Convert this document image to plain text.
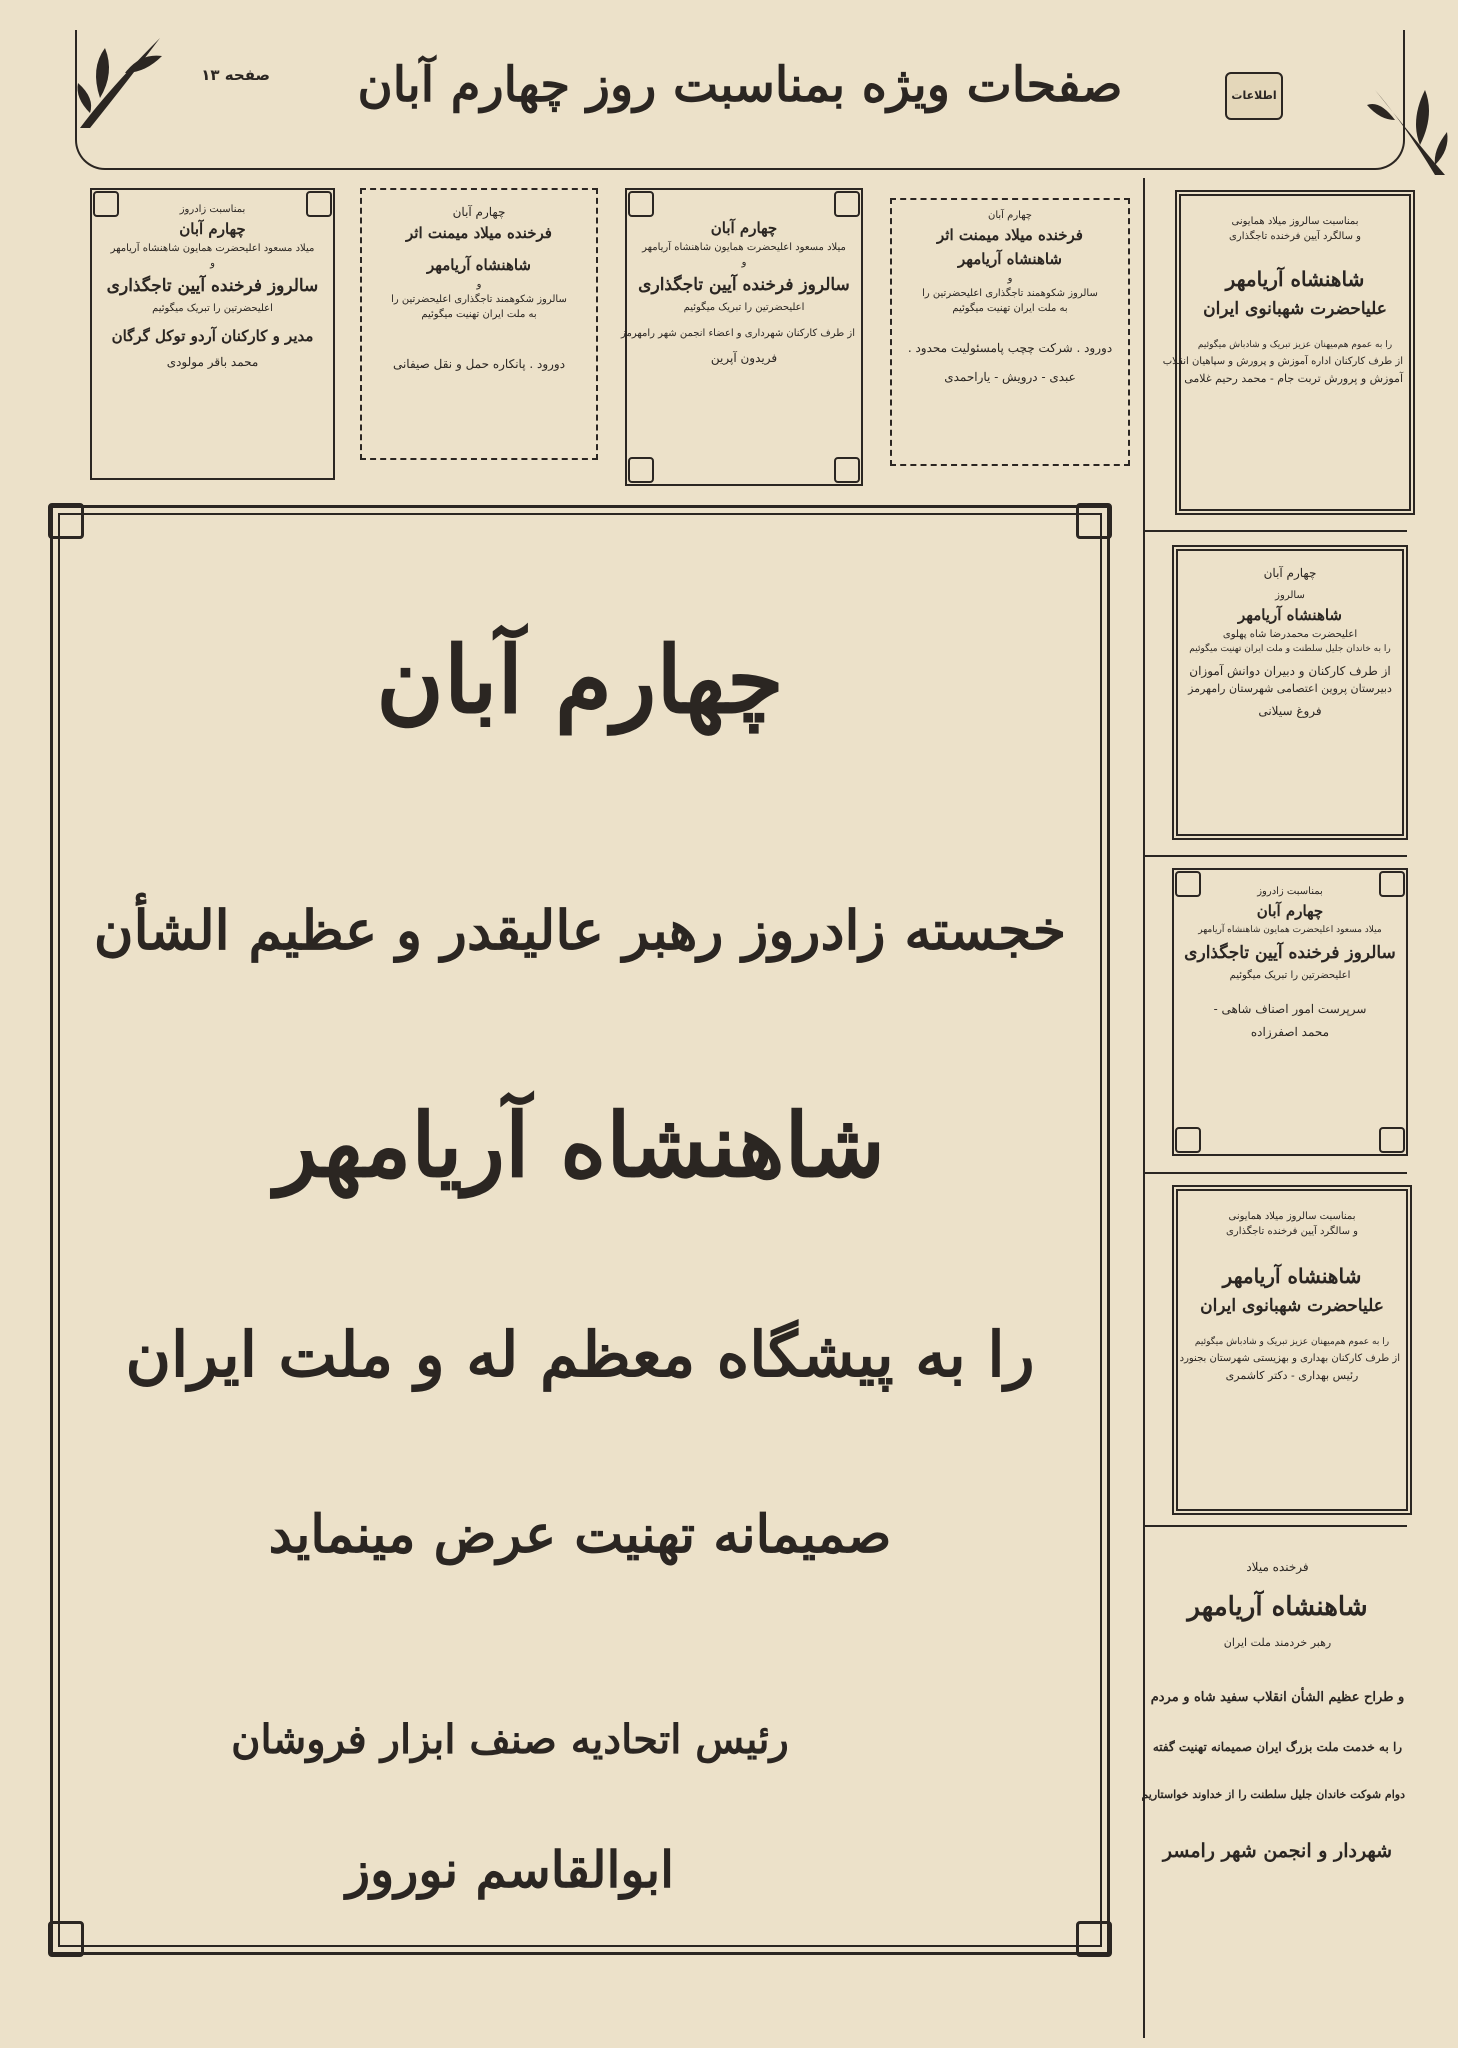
صفحات ویژه بمناسبت روز چهارم آبان
صفحه ۱۳
اطلاعات
چهارم آبان
فرخنده میلاد میمنت اثر
شاهنشاه آریامهر
و
سالروز شکوهمند تاجگذاری اعلیحضرتین را
به ملت ایران تهنیت میگوئیم
دورود . شرکت چچب پامسئولیت محدود .
عبدی - درویش - یاراحمدی
چهارم آبان
میلاد مسعود اعلیحضرت همایون شاهنشاه آریامهر
و
سالروز فرخنده آیین تاجگذاری
اعلیحضرتین را تبریک میگوئیم
از طرف کارکنان شهرداری و اعضاء انجمن شهر رامهرمز
فریدون آپرین
چهارم آبان
فرخنده میلاد میمنت اثر
شاهنشاه آریامهر
و
سالروز شکوهمند تاجگذاری اعلیحضرتین را
به ملت ایران تهنیت میگوئیم
دورود . پانکاره حمل و نقل صیفانی
بمناسبت زادروز
چهارم آبان
میلاد مسعود اعلیحضرت همایون شاهنشاه آریامهر
و
سالروز فرخنده آیین تاجگذاری
اعلیحضرتین را تبریک میگوئیم
مدیر و کارکنان آردو توکل گرگان
محمد باقر مولودی
بمناسبت سالروز میلاد همایونی
و سالگرد آیین فرخنده تاجگذاری
شاهنشاه آریامهر
علیاحضرت شهبانوی ایران
را به عموم هم‌میهنان عزیز تبریک و شادباش میگوئیم
از طرف کارکنان اداره آموزش و پرورش و سپاهیان انقلاب
آموزش و پرورش تربت جام - محمد رحیم غلامی
چهارم آبان
سالروز
شاهنشاه آریامهر
اعلیحضرت محمدرضا شاه پهلوی
را به خاندان جلیل سلطنت و ملت ایران تهنیت میگوئیم
از طرف کارکنان و دبیران دوانش آموزان
دبیرستان پروین اعتصامی شهرستان رامهرمز
فروغ سیلانی
بمناسبت زادروز
چهارم آبان
میلاد مسعود اعلیحضرت همایون شاهنشاه آریامهر
سالروز فرخنده آیین تاجگذاری
اعلیحضرتین را تبریک میگوئیم
سرپرست امور اصناف شاهی -
محمد اصفرزاده
بمناسبت سالروز میلاد همایونی
و سالگرد آیین فرخنده تاجگذاری
شاهنشاه آریامهر
علیاحضرت شهبانوی ایران
را به عموم هم‌میهنان عزیز تبریک و شادباش میگوئیم
از طرف کارکنان بهداری و بهزیستی شهرستان بجنورد
رئیس بهداری - دکتر کاشمری
فرخنده میلاد
شاهنشاه آریامهر
رهبر خردمند ملت ایران
و طراح عظیم الشأن انقلاب سفید شاه و مردم
را به خدمت ملت بزرگ ایران صمیمانه تهنیت گفته
دوام شوکت خاندان جلیل سلطنت را از خداوند خواستاریم
شهردار و انجمن شهر رامسر
چهارم آبان
خجسته زادروز رهبر عالیقدر و عظیم الشأن
شاهنشاه آریامهر
را به پیشگاه معظم له و ملت ایران
صمیمانه تهنیت عرض مینماید
رئیس اتحادیه صنف ابزار فروشان
ابوالقاسم نوروز
